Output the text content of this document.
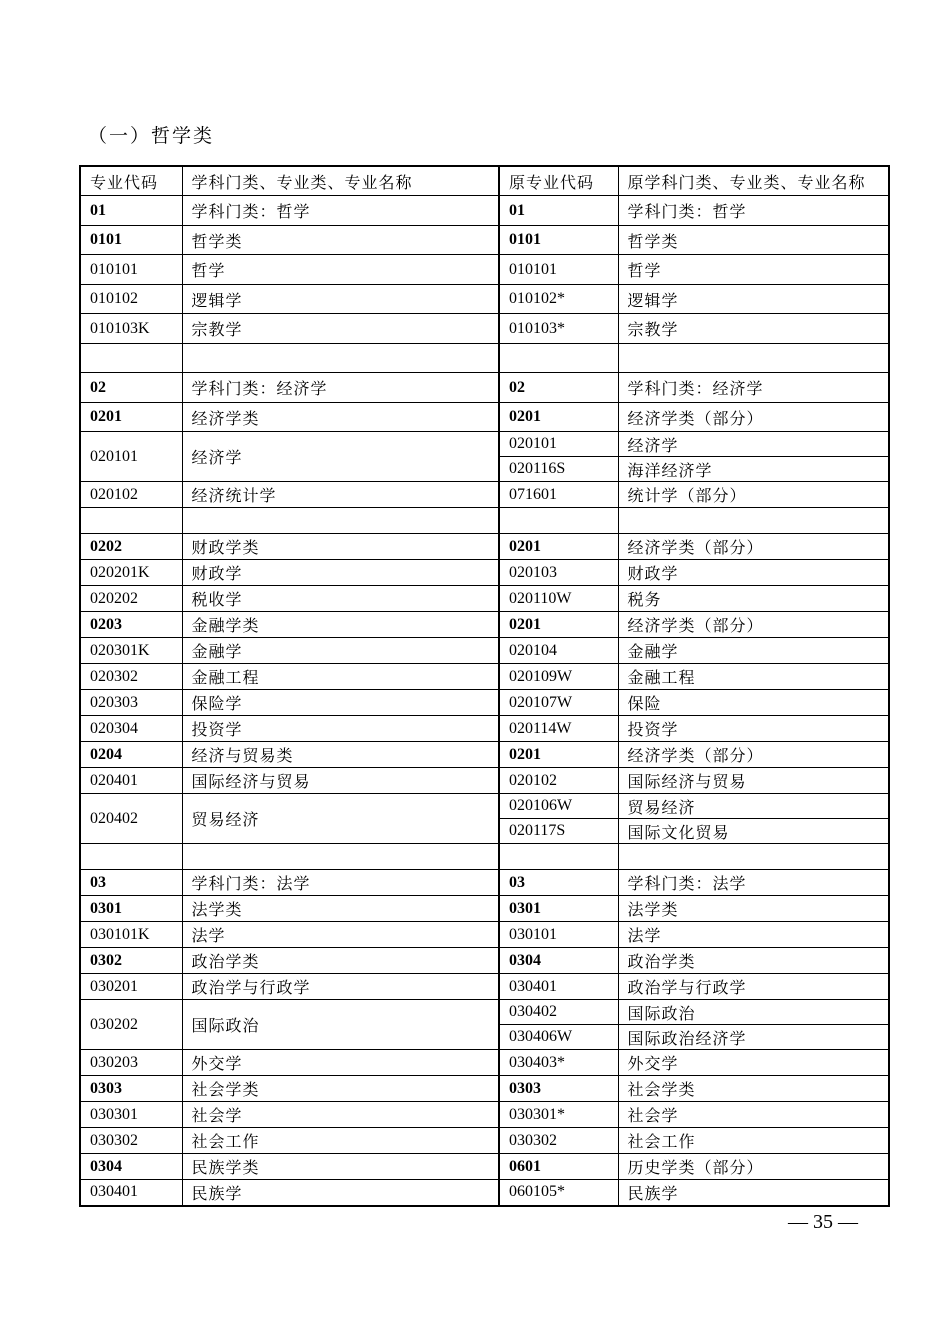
（一）哲学类
专业代码	学科门类、专业类、专业名称	原专业代码	原学科门类、专业类、专业名称
01	学科门类：哲学	01	学科门类：哲学
0101	哲学类	0101	哲学类
010101	哲学	010101	哲学
010102	逻辑学	010102*	逻辑学
010103K	宗教学	010103*	宗教学

02	学科门类：经济学	02	学科门类：经济学
0201	经济学类	0201	经济学类（部分）
020101	经济学	020101	经济学
		020116S	海洋经济学
020102	经济统计学	071601	统计学（部分）

0202	财政学类	0201	经济学类（部分）
020201K	财政学	020103	财政学
020202	税收学	020110W	税务
0203	金融学类	0201	经济学类（部分）
020301K	金融学	020104	金融学
020302	金融工程	020109W	金融工程
020303	保险学	020107W	保险
020304	投资学	020114W	投资学
0204	经济与贸易类	0201	经济学类（部分）
020401	国际经济与贸易	020102	国际经济与贸易
020402	贸易经济	020106W	贸易经济
		020117S	国际文化贸易

03	学科门类：法学	03	学科门类：法学
0301	法学类	0301	法学类
030101K	法学	030101	法学
0302	政治学类	0304	政治学类
030201	政治学与行政学	030401	政治学与行政学
030202	国际政治	030402	国际政治
		030406W	国际政治经济学
030203	外交学	030403*	外交学
0303	社会学类	0303	社会学类
030301	社会学	030301*	社会学
030302	社会工作	030302	社会工作
0304	民族学类	0601	历史学类（部分）
030401	民族学	060105*	民族学
— 35 —
